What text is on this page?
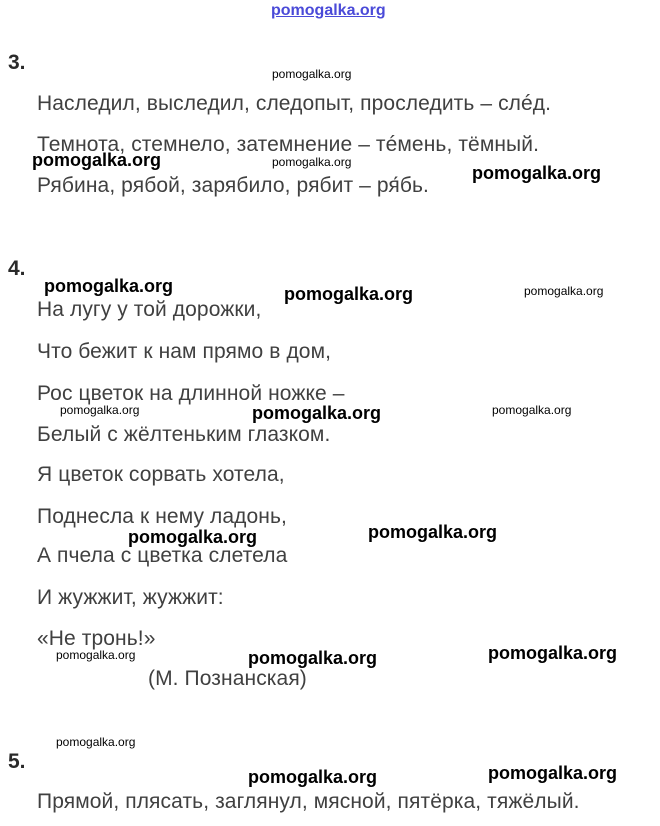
pomogalka.org
3.
Наследил, выследил, следопыт, проследить – слéд.
Темнота, стемнело, затемнение – тéмень, тёмный.
Рябина, рябой, зарябило, рябит – ря́бь.
4.
На лугу у той дорожки,
Что бежит к нам прямо в дом,
Рос цветок на длинной ножке –
Белый с жёлтеньким глазком.
Я цветок сорвать хотела,
Поднесла к нему ладонь,
А пчела с цветка слетела
И жужжит, жужжит:
«Не тронь!»
(М. Познанская)
5.
Прямой, плясать, заглянул, мясной, пятёрка, тяжёлый.
pomogalka.org
pomogalka.org	pomogalka.org
pomogalka.org
pomogalka.org	pomogalka.org	pomogalka.org
pomogalka.org	pomogalka.org	pomogalka.org
pomogalka.org	pomogalka.org
pomogalka.org	pomogalka.org	pomogalka.org
pomogalka.org
pomogalka.org	pomogalka.org
